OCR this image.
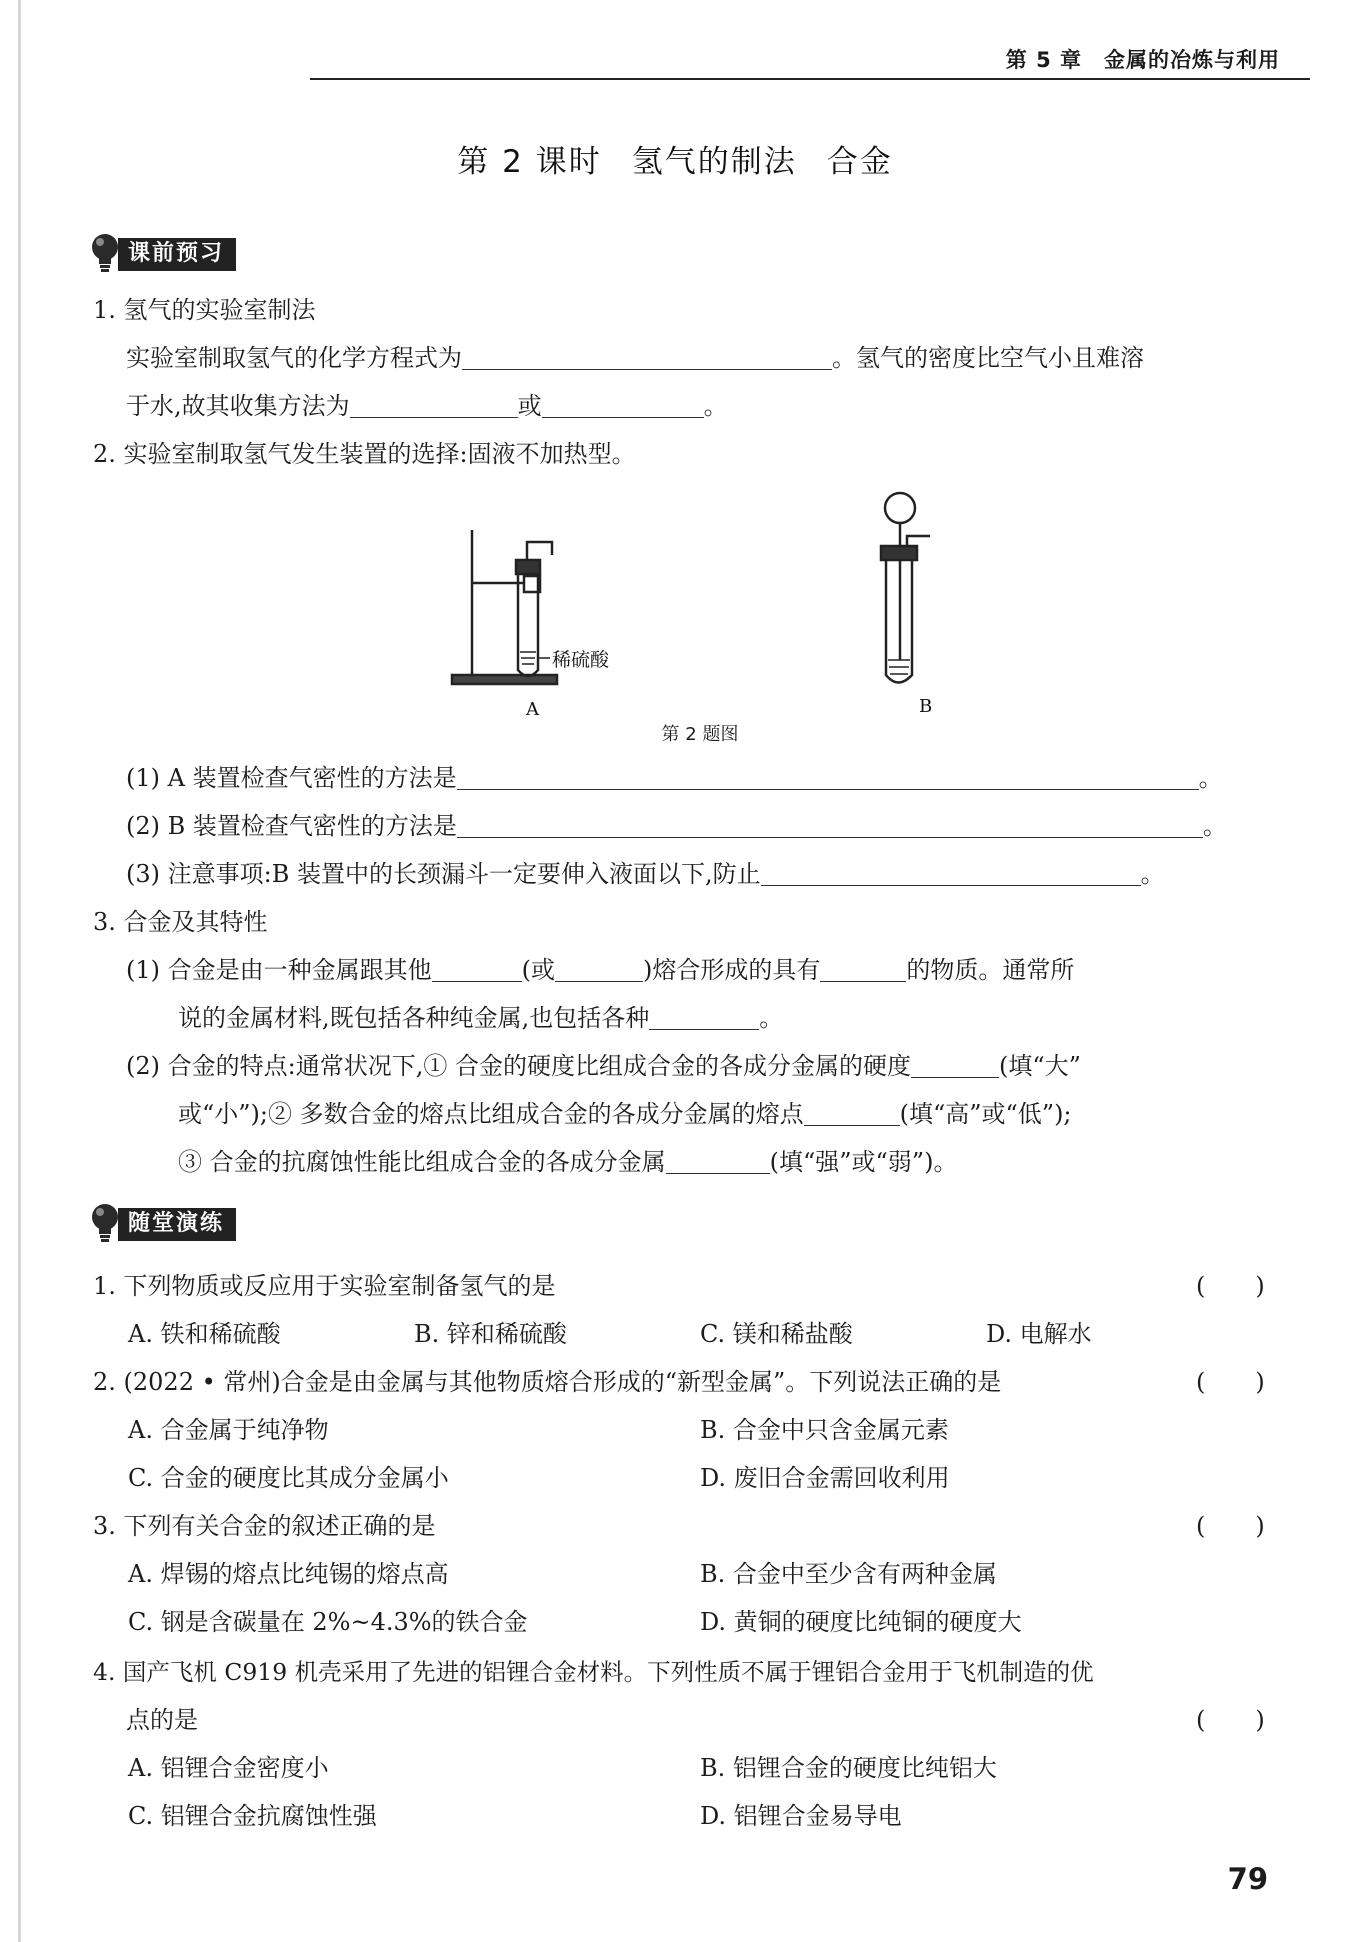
第 5 章 金属的冶炼与利用
第 2 课时 氢气的制法 合金
课前预习
1. 氢气的实验室制法
实验室制取氢气的化学方程式为	。氢气的密度比空气小且难溶
于水,故其收集方法为	或	。
2. 实验室制取氢气发生装置的选择:固液不加热型。
稀硫酸
A	B
第 2 题图
(1) A 装置检查气密性的方法是	。
(2) B 装置检查气密性的方法是	。
(3) 注意事项:B 装置中的长颈漏斗一定要伸入液面以下,防止	。
3. 合金及其特性
(1) 合金是由一种金属跟其他	(或	)熔合形成的具有	的物质。通常所
说的金属材料,既包括各种纯金属,也包括各种	。
(2) 合金的特点:通常状况下,① 合金的硬度比组成合金的各成分金属的硬度	(填“大”
或“小”);② 多数合金的熔点比组成合金的各成分金属的熔点	(填“高”或“低”);
③ 合金的抗腐蚀性能比组成合金的各成分金属	(填“强”或“弱”)。
随堂演练
1. 下列物质或反应用于实验室制备氢气的是	( )
A. 铁和稀硫酸	B. 锌和稀硫酸	C. 镁和稀盐酸	D. 电解水
2. (2022 • 常州)合金是由金属与其他物质熔合形成的“新型金属”。下列说法正确的是	( )
A. 合金属于纯净物	B. 合金中只含金属元素
C. 合金的硬度比其成分金属小	D. 废旧合金需回收利用
3. 下列有关合金的叙述正确的是	( )
A. 焊锡的熔点比纯锡的熔点高	B. 合金中至少含有两种金属
C. 钢是含碳量在 2%~4.3%的铁合金	D. 黄铜的硬度比纯铜的硬度大
4. 国产飞机 C919 机壳采用了先进的铝锂合金材料。下列性质不属于锂铝合金用于飞机制造的优
点的是	( )
A. 铝锂合金密度小	B. 铝锂合金的硬度比纯铝大
C. 铝锂合金抗腐蚀性强	D. 铝锂合金易导电
79
